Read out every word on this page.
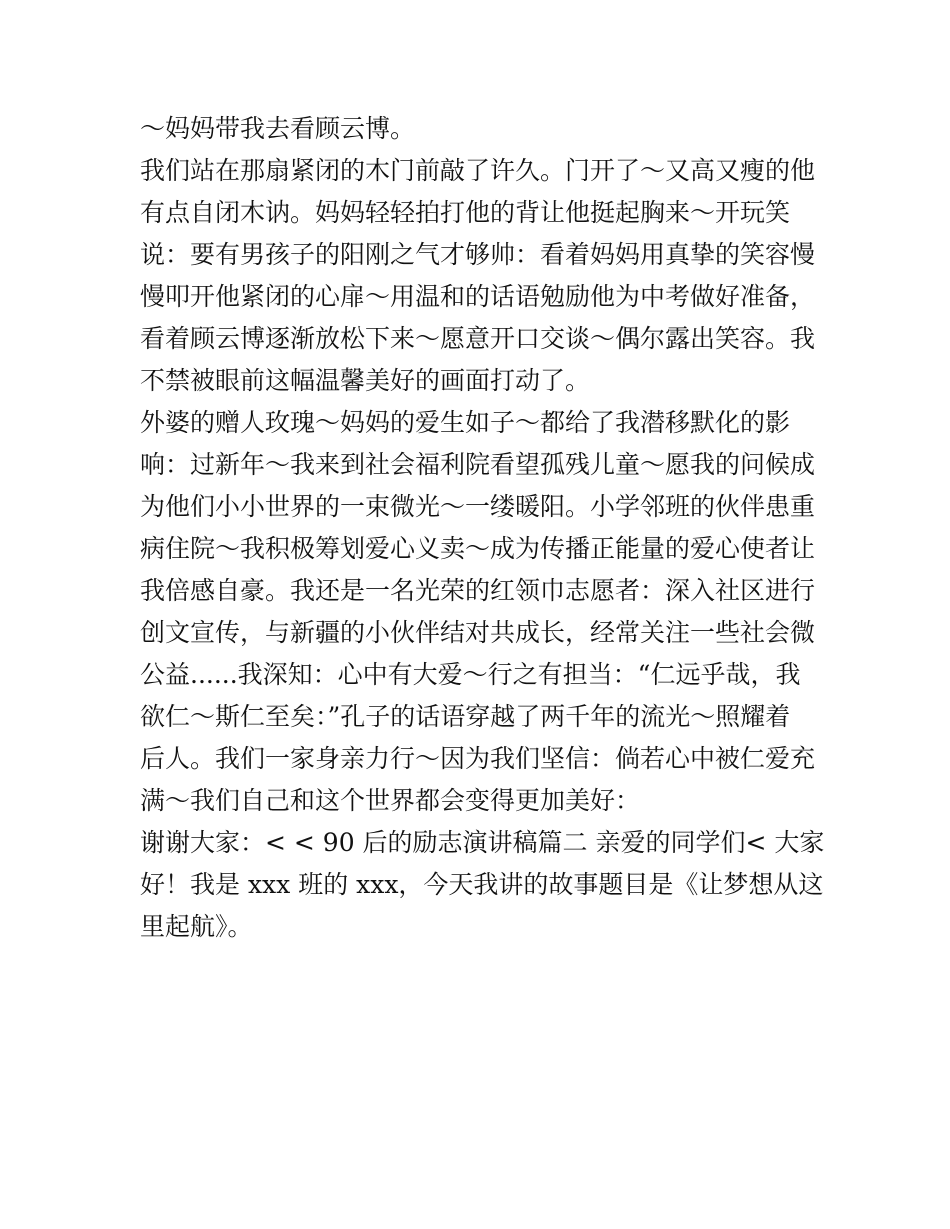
～妈妈带我去看顾云博。
我们站在那扇紧闭的木门前敲了许久。门开了～又高又瘦的他
有点自闭木讷。妈妈轻轻拍打他的背让他挺起胸来～开玩笑
说：要有男孩子的阳刚之气才够帅：看着妈妈用真挚的笑容慢
慢叩开他紧闭的心扉～用温和的话语勉励他为中考做好准备，
看着顾云博逐渐放松下来～愿意开口交谈～偶尔露出笑容。我
不禁被眼前这幅温馨美好的画面打动了。
外婆的赠人玫瑰～妈妈的爱生如子～都给了我潜移默化的影
响：过新年～我来到社会福利院看望孤残儿童～愿我的问候成
为他们小小世界的一束微光～一缕暖阳。小学邻班的伙伴患重
病住院～我积极筹划爱心义卖～成为传播正能量的爱心使者让
我倍感自豪。我还是一名光荣的红领巾志愿者：深入社区进行
创文宣传，与新疆的小伙伴结对共成长，经常关注一些社会微
公益......我深知：心中有大爱～行之有担当：“仁远乎哉，我
欲仁～斯仁至矣：”孔子的话语穿越了两千年的流光～照耀着
后人。我们一家身亲力行～因为我们坚信：倘若心中被仁爱充
满～我们自己和这个世界都会变得更加美好：
谢谢大家：< < 90 后的励志演讲稿篇二 亲爱的同学们< 大家
好！我是 xxx 班的 xxx，今天我讲的故事题目是《让梦想从这
里起航》。
